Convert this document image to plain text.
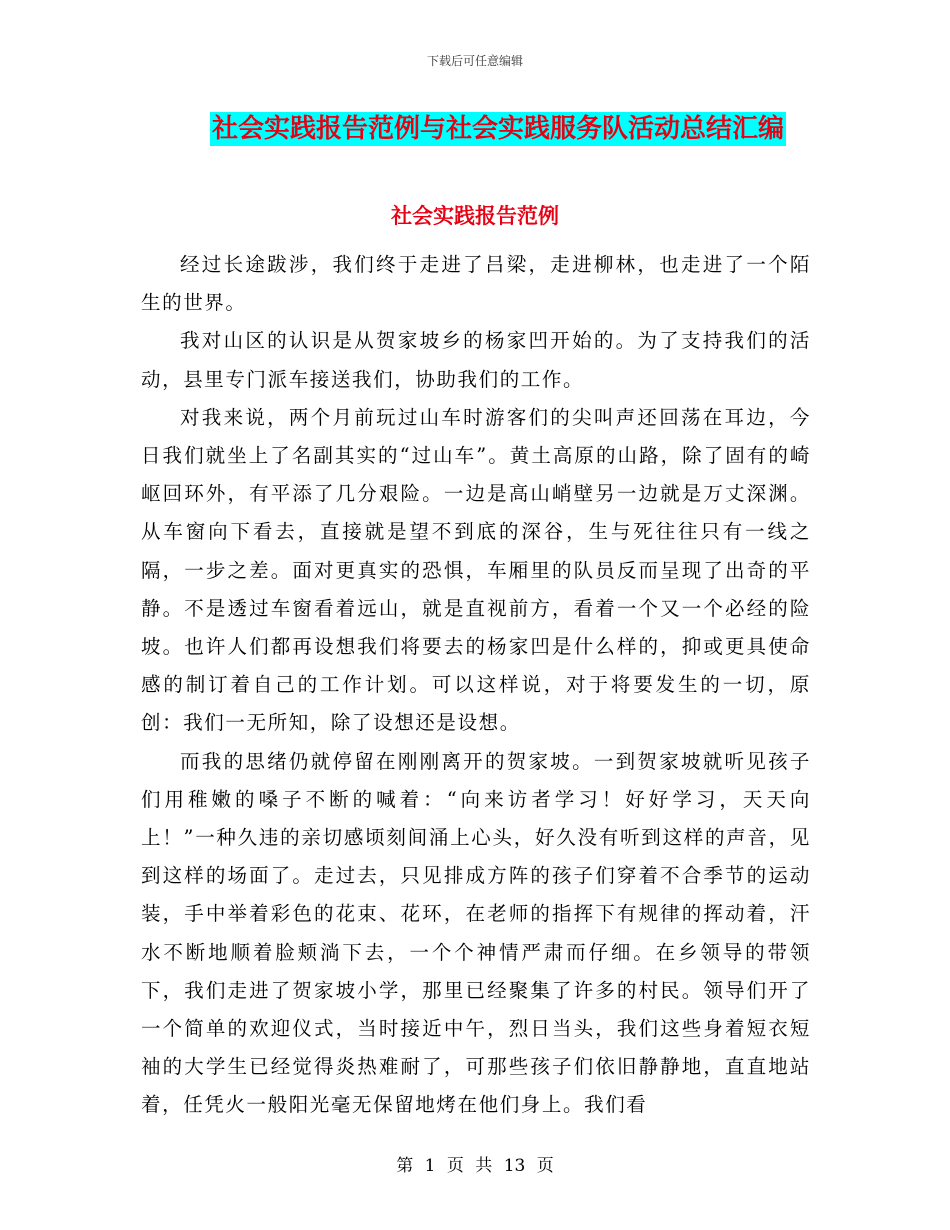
下载后可任意编辑
社会实践报告范例与社会实践服务队活动总结汇编
社会实践报告范例

经过长途跋涉，我们终于走进了吕梁，走进柳林，也走进了一个陌生的世界。

我对山区的认识是从贺家坡乡的杨家凹开始的。为了支持我们的活动，县里专门派车接送我们，协助我们的工作。

对我来说，两个月前玩过山车时游客们的尖叫声还回荡在耳边，今日我们就坐上了名副其实的“过山车”。黄土高原的山路，除了固有的崎岖回环外，有平添了几分艰险。一边是高山峭壁另一边就是万丈深渊。从车窗向下看去，直接就是望不到底的深谷，生与死往往只有一线之隔，一步之差。面对更真实的恐惧，车厢里的队员反而呈现了出奇的平静。不是透过车窗看着远山，就是直视前方，看着一个又一个必经的险坡。也许人们都再设想我们将要去的杨家凹是什么样的，抑或更具使命感的制订着自己的工作计划。可以这样说，对于将要发生的一切，原创：我们一无所知，除了设想还是设想。

而我的思绪仍就停留在刚刚离开的贺家坡。一到贺家坡就听见孩子们用稚嫩的嗓子不断的喊着：“向来访者学习！好好学习，天天向上！”一种久违的亲切感顷刻间涌上心头，好久没有听到这样的声音，见到这样的场面了。走过去，只见排成方阵的孩子们穿着不合季节的运动装，手中举着彩色的花束、花环，在老师的指挥下有规律的挥动着，汗水不断地顺着脸颊淌下去，一个个神情严肃而仔细。在乡领导的带领下，我们走进了贺家坡小学，那里已经聚集了许多的村民。领导们开了一个简单的欢迎仪式，当时接近中午，烈日当头，我们这些身着短衣短袖的大学生已经觉得炎热难耐了，可那些孩子们依旧静静地，直直地站着，任凭火一般阳光毫无保留地烤在他们身上。我们看

第 1 页 共 13 页
